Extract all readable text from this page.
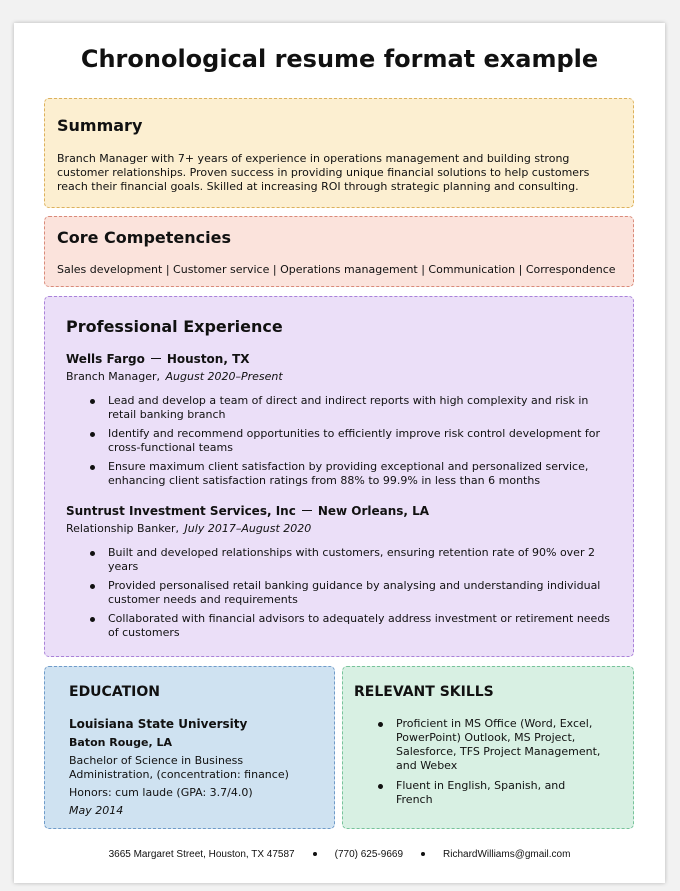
Chronological resume format example
Summary
Branch Manager with 7+ years of experience in operations management and building strong customer relationships. Proven success in providing unique financial solutions to help customers reach their financial goals. Skilled at increasing ROI through strategic planning and consulting.
Core Competencies
Sales development | Customer service | Operations management | Communication | Correspondence
Professional Experience
Wells Fargo Houston, TX
Branch Manager, August 2020–Present
Lead and develop a team of direct and indirect reports with high complexity and risk in retail banking branch
Identify and recommend opportunities to efficiently improve risk control development for cross-functional teams
Ensure maximum client satisfaction by providing exceptional and personalized service, enhancing client satisfaction ratings from 88% to 99.9% in less than 6 months
Suntrust Investment Services, Inc New Orleans, LA
Relationship Banker, July 2017–August 2020
Built and developed relationships with customers, ensuring retention rate of 90% over 2 years
Provided personalised retail banking guidance by analysing and understanding individual customer needs and requirements
Collaborated with financial advisors to adequately address investment or retirement needs of customers
EDUCATION
Louisiana State University
Baton Rouge, LA
Bachelor of Science in Business Administration, (concentration: finance)
Honors: cum laude (GPA: 3.7/4.0)
May 2014
RELEVANT SKILLS
Proficient in MS Office (Word, Excel, PowerPoint) Outlook, MS Project, Salesforce, TFS Project Management, and Webex
Fluent in English, Spanish, and French
3665 Margaret Street, Houston, TX 47587	(770) 625-9669	RichardWilliams@gmail.com
